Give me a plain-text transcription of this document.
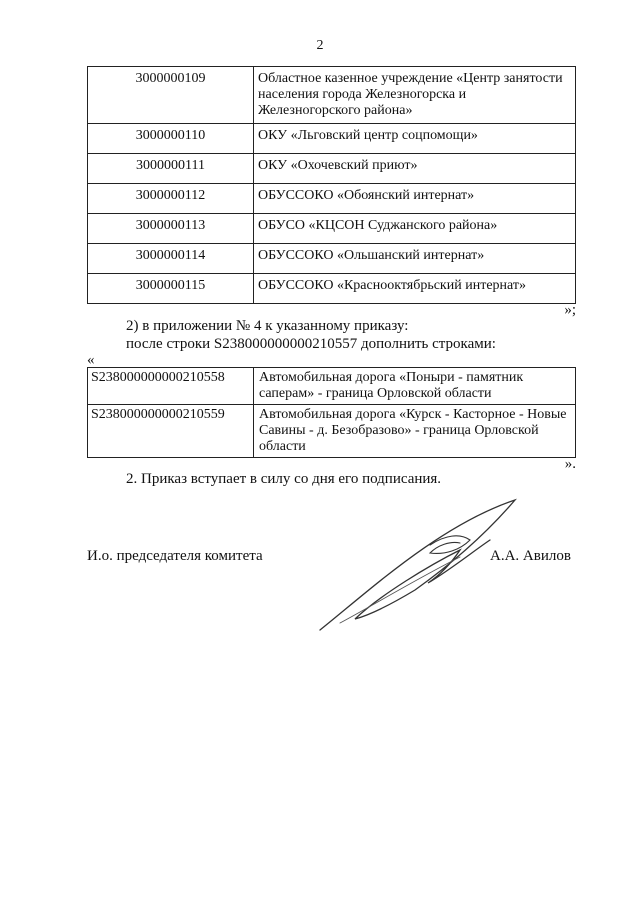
2
3000000109	Областное казенное учреждение «Центр занятости населения города Железногорска и Железногорского района»
3000000110	ОКУ «Льговский центр соцпомощи»
3000000111	ОКУ «Охочевский приют»
3000000112	ОБУССОКО «Обоянский интернат»
3000000113	ОБУСО «КЦСОН Суджанского района»
3000000114	ОБУССОКО «Ольшанский интернат»
3000000115	ОБУССОКО «Краснооктябрьский интернат»
»;
2) в приложении № 4 к указанному приказу:
после строки S238000000000210557 дополнить строками:
«
S238000000000210558	Автомобильная дорога «Поныри - памятник саперам» - граница Орловской области
S238000000000210559	Автомобильная дорога «Курск - Касторное - Новые Савины - д. Безобразово» - граница Орловской области
».
2. Приказ вступает в силу со дня его подписания.
И.о. председателя комитета	А.А. Авилов
